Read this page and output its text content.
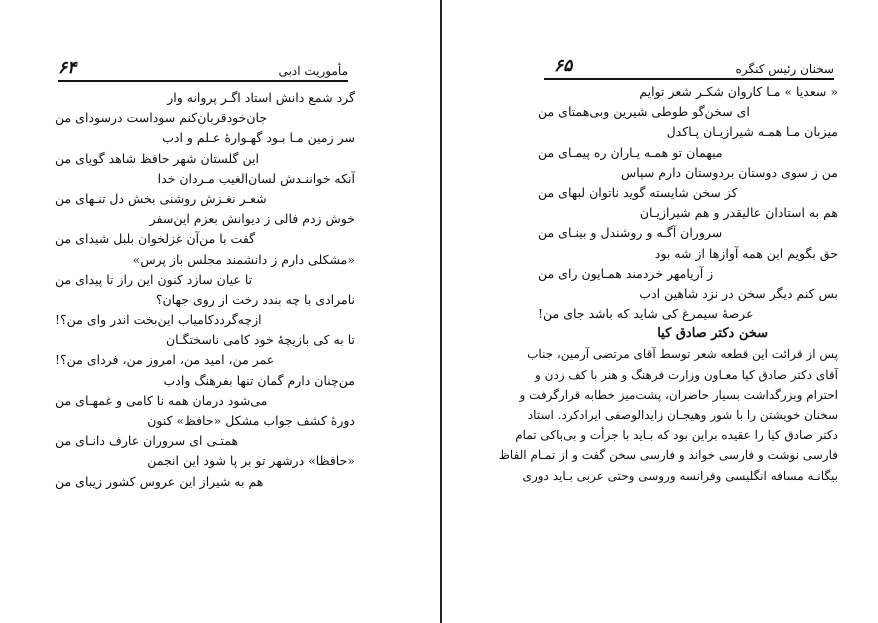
مأموریت ادبی
۶۴
گرد شمع دانش استاد اگـر پروانه وار
جان‌خودقربان‌کنم سوداست درسودای من
سر زمین مـا بـود گهـوارهٔ عـلم و ادب
این گلستان شهر حافظ شاهد گویای من
آنکه خواننـدش لسان‌الغیب مـردان خدا
شعـر نغـزش روشنی بخش دل تنـهای من
خوش زدم فالی ز دیوانش بعزم این‌سفر
گفت با من‌آن غزلخوان بلبل شیدای من
«مشکلی دارم ز دانشمند مجلس باز پرس»
تا عیان سازد کنون این راز تا پیدای من
نامرادی با چه بندد رخت از روی جهان؟
ازچه‌گرددکامیاب این‌بخت اندر وای من؟!
تا به کی بازیچهٔ خود کامی ناسختگـان
عمر من، امید من، امروز من، فردای من؟!
من‌چنان دارم گمان تنها بفرهنگ وادب
می‌شود درمان همه نا کامی و غمهـای من
دورهٔ کشف جواب مشکل «حافظ» کنون
همتـی ای سروران عارف دانـای من
«حافظا» درشهر تو بر پا شود این انجمن
هم به شیراز این عروس کشور زیبای من
سخنان رئیس کنگره
۶۵
« سعدیا » مـا کاروان شکـر شعر توایم
ای سخن‌گو طوطی شیرین وبی‌همتای من
میزبان مـا همـه شیرازیـان پـاکدل
میهمان تو همـه یـاران ره پیمـای من
من ز سوی دوستان بردوستان دارم سپاس
کز سخن شایسته گوید ناتوان لبهای من
هم به استادان عالیقدر و هم شیرازیـان
سروران آگـه و روشندل و بینـای من
حق بگویم این همه آوازها از شه بود
ز آریامهر خردمند همـایون رای من
بس کنم دیگر سخن در نزد شاهین ادب
عرصهٔ سیمرغ کی شاید که باشد جای من!
سخن دکتر صادق کیا
پس از قرائت این قطعه شعر توسط آقای مرتضی آرمین، جناب
آقای دکتر صادق کیا معـاون وزارت فرهنگ و هنر با کف زدن و
احترام وبزرگداشت بسیار حاضران، پشت‌میز خطابه قرارگرفت و
سخنان خویشتن را با شور وهیجـان زایدالوصفی ایرادکرد. استاد
دکتر صادق کیا را عقیده براین بود که بـاید با جرأت و بی‌باکی تمام
فارسی نوشت و فارسی خواند و فارسی سخن گفت و از تمـام الفاظ
بیگانـه مسافه انگلیسی وفرانسه وروسی وحتی عربی بـاید دوری
